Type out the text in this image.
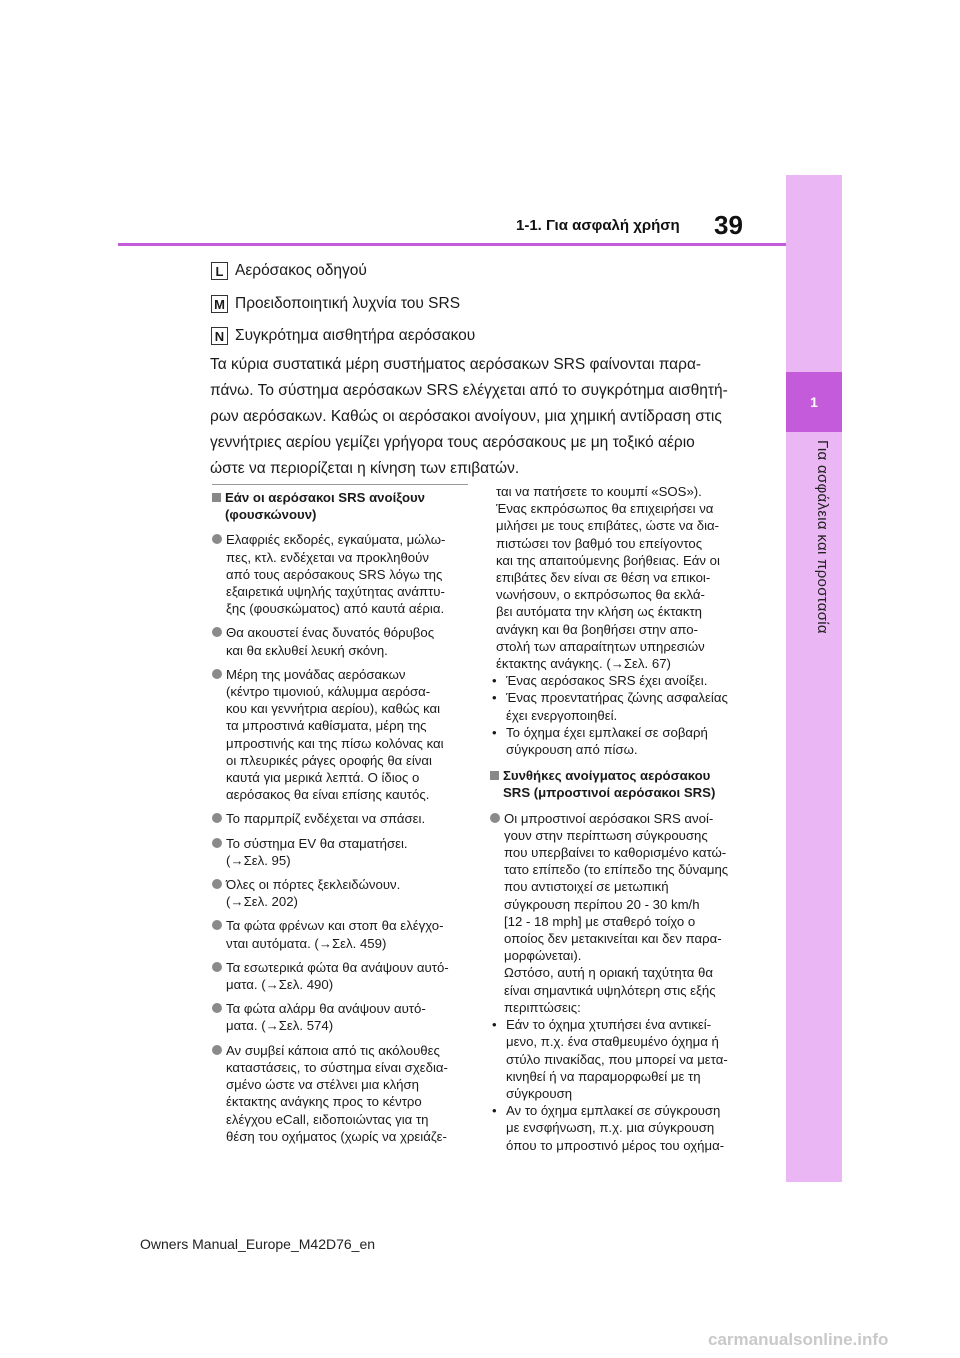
1
Για ασφάλεια και προστασία
1-1. Για ασφαλή χρήση 39
L Αερόσακος οδηγού
M Προειδοποιητική λυχνία του SRS
N Συγκρότημα αισθητήρα αερόσακου
Τα κύρια συστατικά μέρη συστήματος αερόσακων SRS φαίνονται παρα-
πάνω. Το σύστημα αερόσακων SRS ελέγχεται από το συγκρότημα αισθητή-
ρων αερόσακων. Καθώς οι αερόσακοι ανοίγουν, μια χημική αντίδραση στις
γεννήτριες αερίου γεμίζει γρήγορα τους αερόσακους με μη τοξικό αέριο
ώστε να περιορίζεται η κίνηση των επιβατών.
Εάν οι αερόσακοι SRS ανοίξουν
(φουσκώνουν)
Ελαφριές εκδορές, εγκαύματα, μώλω-
πες, κτλ. ενδέχεται να προκληθούν
από τους αερόσακους SRS λόγω της
εξαιρετικά υψηλής ταχύτητας ανάπτυ-
ξης (φουσκώματος) από καυτά αέρια.
Θα ακουστεί ένας δυνατός θόρυβος
και θα εκλυθεί λευκή σκόνη.
Μέρη της μονάδας αερόσακων
(κέντρο τιμονιού, κάλυμμα αερόσα-
κου και γεννήτρια αερίου), καθώς και
τα μπροστινά καθίσματα, μέρη της
μπροστινής και της πίσω κολόνας και
οι πλευρικές ράγες οροφής θα είναι
καυτά για μερικά λεπτά. Ο ίδιος ο
αερόσακος θα είναι επίσης καυτός.
Το παρμπρίζ ενδέχεται να σπάσει.
Το σύστημα EV θα σταματήσει.
(→Σελ. 95)
Όλες οι πόρτες ξεκλειδώνουν.
(→Σελ. 202)
Τα φώτα φρένων και στοπ θα ελέγχο-
νται αυτόματα. (→Σελ. 459)
Τα εσωτερικά φώτα θα ανάψουν αυτό-
ματα. (→Σελ. 490)
Τα φώτα αλάρμ θα ανάψουν αυτό-
ματα. (→Σελ. 574)
Αν συμβεί κάποια από τις ακόλουθες
καταστάσεις, το σύστημα είναι σχεδια-
σμένο ώστε να στέλνει μια κλήση
έκτακτης ανάγκης προς το κέντρο
ελέγχου eCall, ειδοποιώντας για τη
θέση του οχήματος (χωρίς να χρειάζε-
ται να πατήσετε το κουμπί «SOS»).
Ένας εκπρόσωπος θα επιχειρήσει να
μιλήσει με τους επιβάτες, ώστε να δια-
πιστώσει τον βαθμό του επείγοντος
και της απαιτούμενης βοήθειας. Εάν οι
επιβάτες δεν είναι σε θέση να επικοι-
νωνήσουν, ο εκπρόσωπος θα εκλά-
βει αυτόματα την κλήση ως έκτακτη
ανάγκη και θα βοηθήσει στην απο-
στολή των απαραίτητων υπηρεσιών
έκτακτης ανάγκης. (→Σελ. 67)
• Ένας αερόσακος SRS έχει ανοίξει.
• Ένας προεντατήρας ζώνης ασφαλείας
έχει ενεργοποιηθεί.
• Το όχημα έχει εμπλακεί σε σοβαρή
σύγκρουση από πίσω.
Συνθήκες ανοίγματος αερόσακου
SRS (μπροστινοί αερόσακοι SRS)
Οι μπροστινοί αερόσακοι SRS ανοί-
γουν στην περίπτωση σύγκρουσης
που υπερβαίνει το καθορισμένο κατώ-
τατο επίπεδο (το επίπεδο της δύναμης
που αντιστοιχεί σε μετωπική
σύγκρουση περίπου 20 - 30 km/h
[12 - 18 mph] με σταθερό τοίχο ο
οποίος δεν μετακινείται και δεν παρα-
μορφώνεται).
Ωστόσο, αυτή η οριακή ταχύτητα θα
είναι σημαντικά υψηλότερη στις εξής
περιπτώσεις:
• Εάν το όχημα χτυπήσει ένα αντικεί-
μενο, π.χ. ένα σταθμευμένο όχημα ή
στύλο πινακίδας, που μπορεί να μετα-
κινηθεί ή να παραμορφωθεί με τη
σύγκρουση
• Αν το όχημα εμπλακεί σε σύγκρουση
με ενσφήνωση, π.χ. μια σύγκρουση
όπου το μπροστινό μέρος του οχήμα-
Owners Manual_Europe_M42D76_en
carmanualsonline.info
